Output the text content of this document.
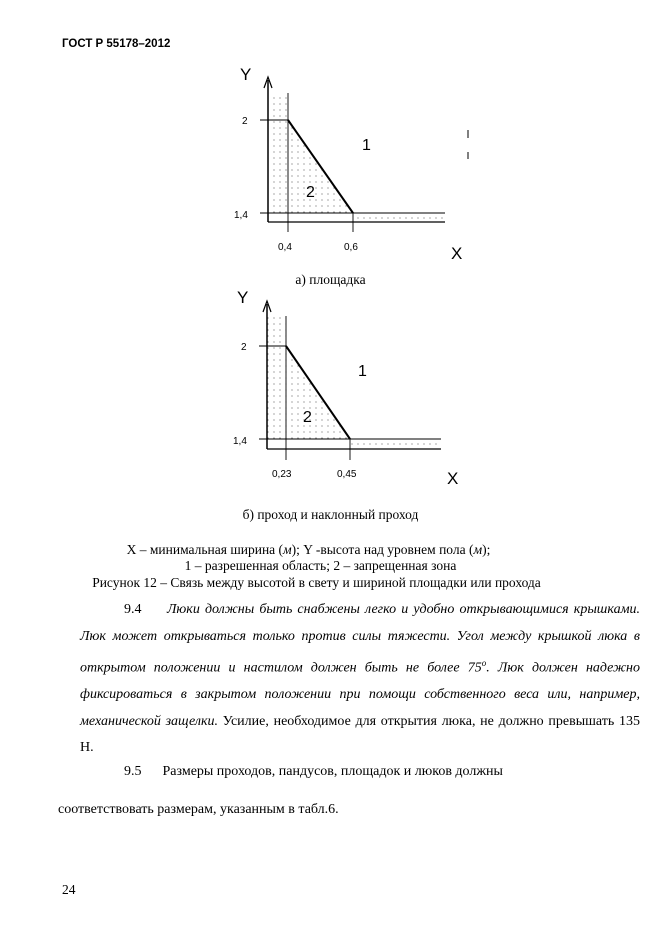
ГОСТ Р 55178–2012
Y
X
2
1,4
0,4	0,6
1
2
а) площадка
Y
X
2
1,4
0,23	0,45
1
2
б) проход и наклонный проход
X – минимальная ширина (м); Y -высота над уровнем пола (м);
1 – разрешенная область; 2 – запрещенная зона
Рисунок 12 – Связь между высотой в свету и шириной площадки или прохода
9.4 Люки должны быть снабжены легко и удобно открывающимися крышками. Люк может открываться только против силы тяжести. Угол между крышкой люка в открытом положении и настилом должен быть не более $75^о$. Люк должен надежно фиксироваться в закрытом положении при помощи собственного веса или, например, механической защелки. Усилие, необходимое для открытия люка, не должно превышать 135 Н.
9.5 Размеры проходов, пандусов, площадок и люков должны
соответствовать размерам, указанным в табл.6.
24
